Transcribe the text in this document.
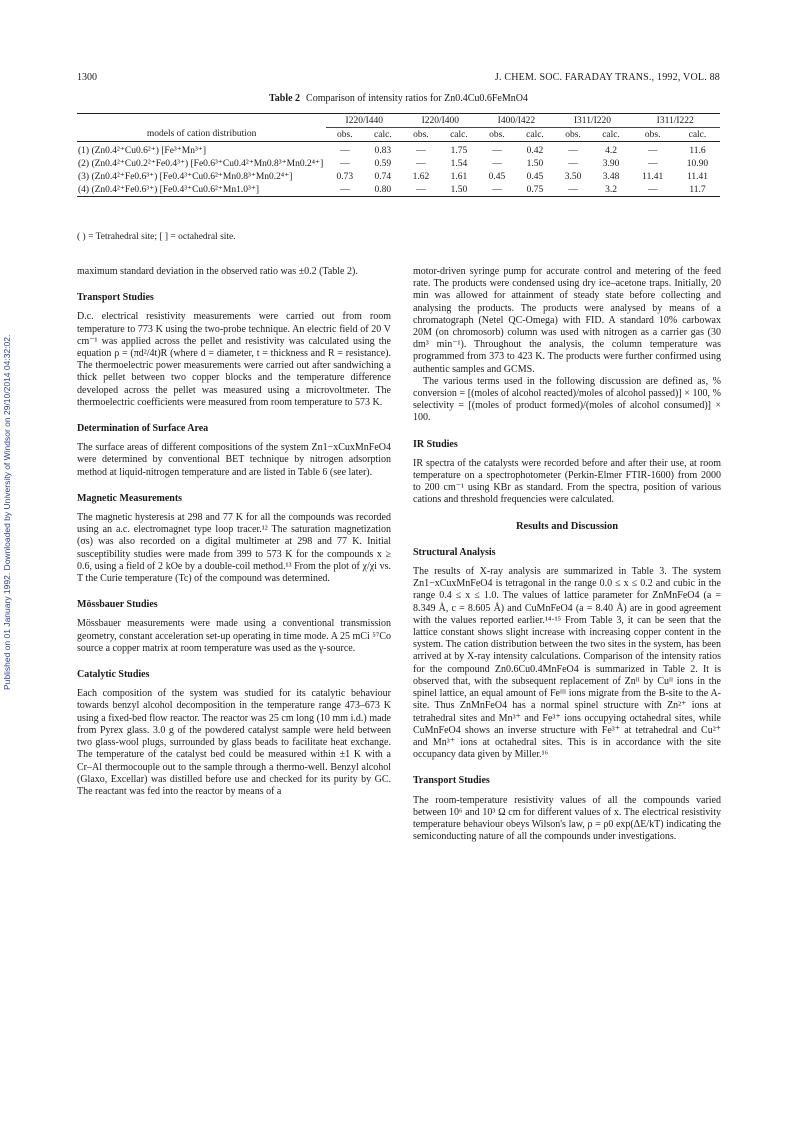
Published on 01 January 1992. Downloaded by University of Windsor on 29/10/2014 04:32:02.
1300	J. CHEM. SOC. FARADAY TRANS., 1992, VOL. 88
Table 2 Comparison of intensity ratios for Zn0.4Cu0.6FeMnO4
	I220/I440		I220/I400		I400/I422		I311/I220		I311/I222	
models of cation distribution	obs.	calc.	obs.	calc.	obs.	calc.	obs.	calc.	obs.	calc.

(1) (Zn0.4²⁺Cu0.6²⁺) [Fe³⁺Mn³⁺]	—	0.83	—	1.75	—	0.42	—	4.2	—	11.6
(2) (Zn0.4²⁺Cu0.2²⁺Fe0.4³⁺) [Fe0.6³⁺Cu0.4²⁺Mn0.8³⁺Mn0.2⁴⁺]	—	0.59	—	1.54	—	1.50	—	3.90	—	10.90
(3) (Zn0.4²⁺Fe0.6³⁺) [Fe0.4³⁺Cu0.6²⁺Mn0.8³⁺Mn0.2⁴⁺]	0.73	0.74	1.62	1.61	0.45	0.45	3.50	3.48	11.41	11.41
(4) (Zn0.4²⁺Fe0.6³⁺) [Fe0.4³⁺Cu0.6²⁺Mn1.0³⁺]	—	0.80	—	1.50	—	0.75	—	3.2	—	11.7
( ) = Tetrahedral site; [ ] = octahedral site.

maximum standard deviation in the observed ratio was ±0.2 (Table 2).

Transport Studies

D.c. electrical resistivity measurements were carried out from room temperature to 773 K using the two-probe technique. An electric field of 20 V cm⁻¹ was applied across the pellet and resistivity was calculated using the equation ρ = (πd²/4t)R (where d = diameter, t = thickness and R = resistance). The thermoelectric power measurements were carried out after sandwiching a thick pellet between two copper blocks and the temperature difference developed across the pellet was measured using a microvoltmeter. The thermoelectric coefficients were measured from room temperature to 573 K.

Determination of Surface Area

The surface areas of different compositions of the system Zn1−xCuxMnFeO4 were determined by conventional BET technique by nitrogen adsorption method at liquid-nitrogen temperature and are listed in Table 6 (see later).

Magnetic Measurements

The magnetic hysteresis at 298 and 77 K for all the compounds was recorded using an a.c. electromagnet type loop tracer.¹² The saturation magnetization (σs) was also recorded on a digital multimeter at 298 and 77 K. Initial susceptibility studies were made from 399 to 573 K for the compounds x ≥ 0.6, using a field of 2 kOe by a double-coil method.¹³ From the plot of χ/χi vs. T the Curie temperature (Tc) of the compound was determined.

Mössbauer Studies

Mössbauer measurements were made using a conventional transmission geometry, constant acceleration set-up operating in time mode. A 25 mCi ⁵⁷Co source a copper matrix at room temperature was used as the γ-source.

Catalytic Studies

Each composition of the system was studied for its catalytic behaviour towards benzyl alcohol decomposition in the temperature range 473–673 K using a fixed-bed flow reactor. The reactor was 25 cm long (10 mm i.d.) made from Pyrex glass. 3.0 g of the powdered catalyst sample were held between two glass-wool plugs, surrounded by glass beads to facilitate heat exchange. The temperature of the catalyst bed could be measured within ±1 K with a Cr–Al thermocouple out to the sample through a thermo-well. Benzyl alcohol (Glaxo, Excellar) was distilled before use and checked for its purity by GC. The reactant was fed into the reactor by means of a

motor-driven syringe pump for accurate control and metering of the feed rate. The products were condensed using dry ice–acetone traps. Initially, 20 min was allowed for attainment of steady state before collecting and analysing the products. The products were analysed by means of a chromatograph (Netel QC-Omega) with FID. A standard 10% carbowax 20M (on chromosorb) column was used with nitrogen as a carrier gas (30 dm³ min⁻¹). Throughout the analysis, the column temperature was programmed from 373 to 423 K. The products were further confirmed using authentic samples and GCMS.

The various terms used in the following discussion are defined as, % conversion = [(moles of alcohol reacted)/moles of alcohol passed)] × 100, % selectivity = [(moles of product formed)/(moles of alcohol consumed)] × 100.

IR Studies

IR spectra of the catalysts were recorded before and after their use, at room temperature on a spectrophotometer (Perkin-Elmer FTIR-1600) from 2000 to 200 cm⁻¹ using KBr as standard. From the spectra, position of various cations and threshold frequencies were calculated.

Results and Discussion
Structural Analysis

The results of X-ray analysis are summarized in Table 3. The system Zn1−xCuxMnFeO4 is tetragonal in the range 0.0 ≤ x ≤ 0.2 and cubic in the range 0.4 ≤ x ≤ 1.0. The values of lattice parameter for ZnMnFeO4 (a = 8.349 Å, c = 8.605 Å) and CuMnFeO4 (a = 8.40 Å) are in good agreement with the values reported earlier.¹⁴·¹⁵ From Table 3, it can be seen that the lattice constant shows slight increase with increasing copper content in the system. The cation distribution between the two sites in the system, has been arrived at by X-ray intensity calculations. Comparison of the intensity ratios for the compound Zn0.6Cu0.4MnFeO4 is summarized in Table 2. It is observed that, with the subsequent replacement of Znᴵᴵ by Cuᴵᴵ ions in the spinel lattice, an equal amount of Feᴵᴵᴵ ions migrate from the B-site to the A-site. Thus ZnMnFeO4 has a normal spinel structure with Zn²⁺ ions at tetrahedral sites and Mn³⁺ and Fe³⁺ ions occupying octahedral sites, while CuMnFeO4 shows an inverse structure with Fe³⁺ at tetrahedral and Cu²⁺ and Mn³⁺ ions at octahedral sites. This is in accordance with the site occupancy data given by Miller.¹⁶

Transport Studies

The room-temperature resistivity values of all the compounds varied between 10⁶ and 10³ Ω cm for different values of x. The electrical resistivity temperature behaviour obeys Wilson's law, ρ = ρ0 exp(ΔE/kT) indicating the semiconducting nature of all the compounds under investigations.
